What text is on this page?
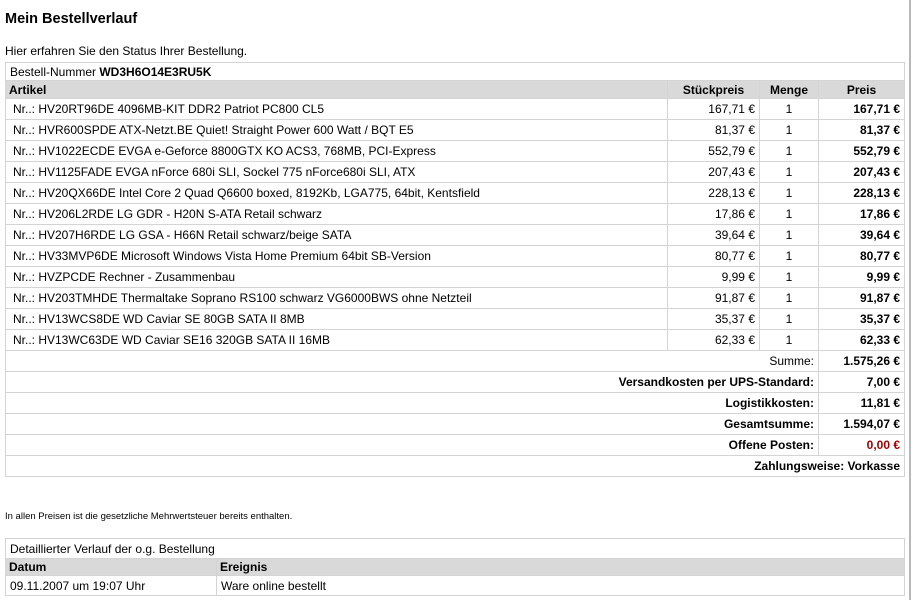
Mein Bestellverlauf
Hier erfahren Sie den Status Ihrer Bestellung.
Bestell-Nummer WD3H6O14E3RU5K			
Artikel	Stückpreis	Menge	Preis
Nr..: HV20RT96DE 4096MB-KIT DDR2 Patriot PC800 CL5	167,71 €	1	167,71 €
Nr..: HVR600SPDE ATX-Netzt.BE Quiet! Straight Power 600 Watt / BQT E5	81,37 €	1	81,37 €
Nr..: HV1022ECDE EVGA e-Geforce 8800GTX KO ACS3, 768MB, PCI-Express	552,79 €	1	552,79 €
Nr..: HV1125FADE EVGA nForce 680i SLI, Sockel 775 nForce680i SLI, ATX	207,43 €	1	207,43 €
Nr..: HV20QX66DE Intel Core 2 Quad Q6600 boxed, 8192Kb, LGA775, 64bit, Kentsfield	228,13 €	1	228,13 €
Nr..: HV206L2RDE LG GDR - H20N S-ATA Retail schwarz	17,86 €	1	17,86 €
Nr..: HV207H6RDE LG GSA - H66N Retail schwarz/beige SATA	39,64 €	1	39,64 €
Nr..: HV33MVP6DE Microsoft Windows Vista Home Premium 64bit SB-Version	80,77 €	1	80,77 €
Nr..: HVZPCDE Rechner - Zusammenbau	9,99 €	1	9,99 €
Nr..: HV203TMHDE Thermaltake Soprano RS100 schwarz VG6000BWS ohne Netzteil	91,87 €	1	91,87 €
Nr..: HV13WCS8DE WD Caviar SE 80GB SATA II 8MB	35,37 €	1	35,37 €
Nr..: HV13WC63DE WD Caviar SE16 320GB SATA II 16MB	62,33 €	1	62,33 €
Summe:			1.575,26 €
Versandkosten per UPS-Standard:			7,00 €
Logistikkosten:			11,81 €
Gesamtsumme:			1.594,07 €
Offene Posten:			0,00 €
Zahlungsweise: Vorkasse			
In allen Preisen ist die gesetzliche Mehrwertsteuer bereits enthalten.
Detaillierter Verlauf der o.g. Bestellung	
Datum	Ereignis
09.11.2007 um 19:07 Uhr	Ware online bestellt
